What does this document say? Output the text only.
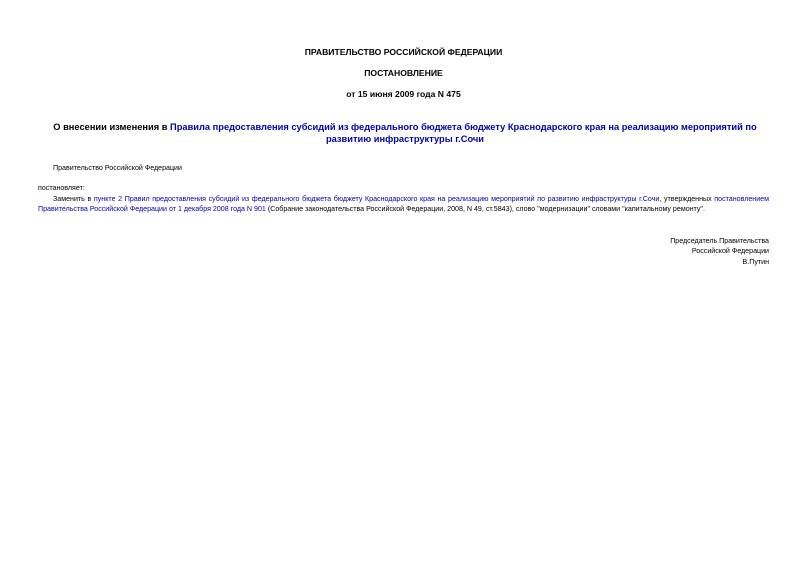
ПРАВИТЕЛЬСТВО РОССИЙСКОЙ ФЕДЕРАЦИИ
ПОСТАНОВЛЕНИЕ
от 15 июня 2009 года N 475
О внесении изменения в Правила предоставления субсидий из федерального бюджета бюджету Краснодарского края на реализацию мероприятий по развитию инфраструктуры г.Сочи
Правительство Российской Федерации
постановляет:
Заменить в пункте 2 Правил предоставления субсидий из федерального бюджета бюджету Краснодарского края на реализацию мероприятий по развитию инфраструктуры г.Сочи, утвержденных постановлением Правительства Российской Федерации от 1 декабря 2008 года N 901 (Собрание законодательства Российской Федерации, 2008, N 49, ст.5843), слово "модернизации" словами "капитальному ремонту".
Председатель Правительства
Российской Федерации
В.Путин
